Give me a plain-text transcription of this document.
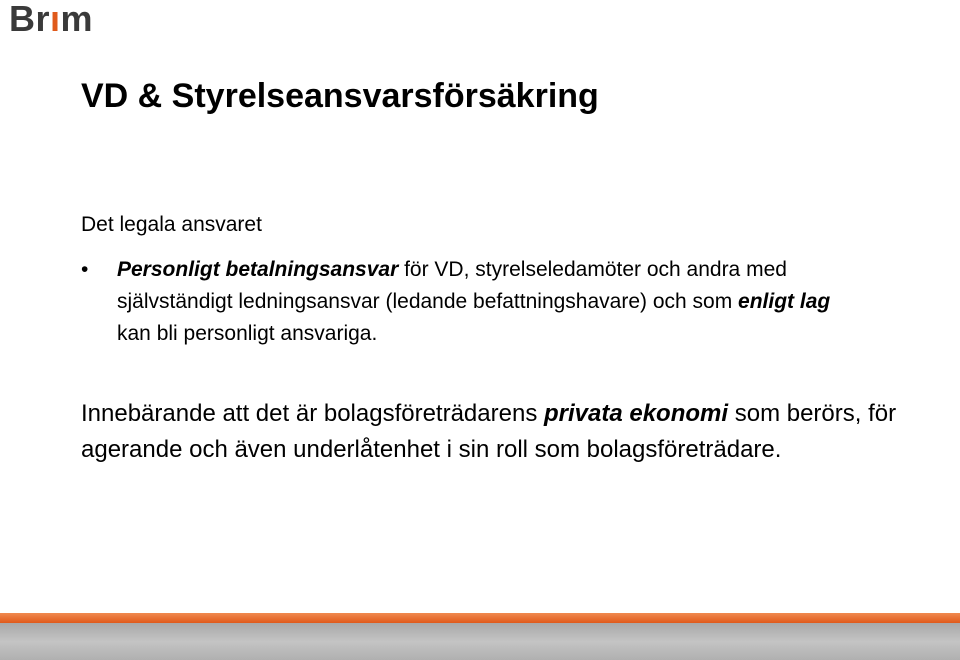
Brım
VD & Styrelseansvarsförsäkring
Det legala ansvaret
• Personligt betalningsansvar för VD, styrelseledamöter och andra med självständigt ledningsansvar (ledande befattningshavare) och som enligt lag kan bli personligt ansvariga.
Innebärande att det är bolagsföreträdarens privata ekonomi som berörs, för agerande och även underlåtenhet i sin roll som bolagsföreträdare.
